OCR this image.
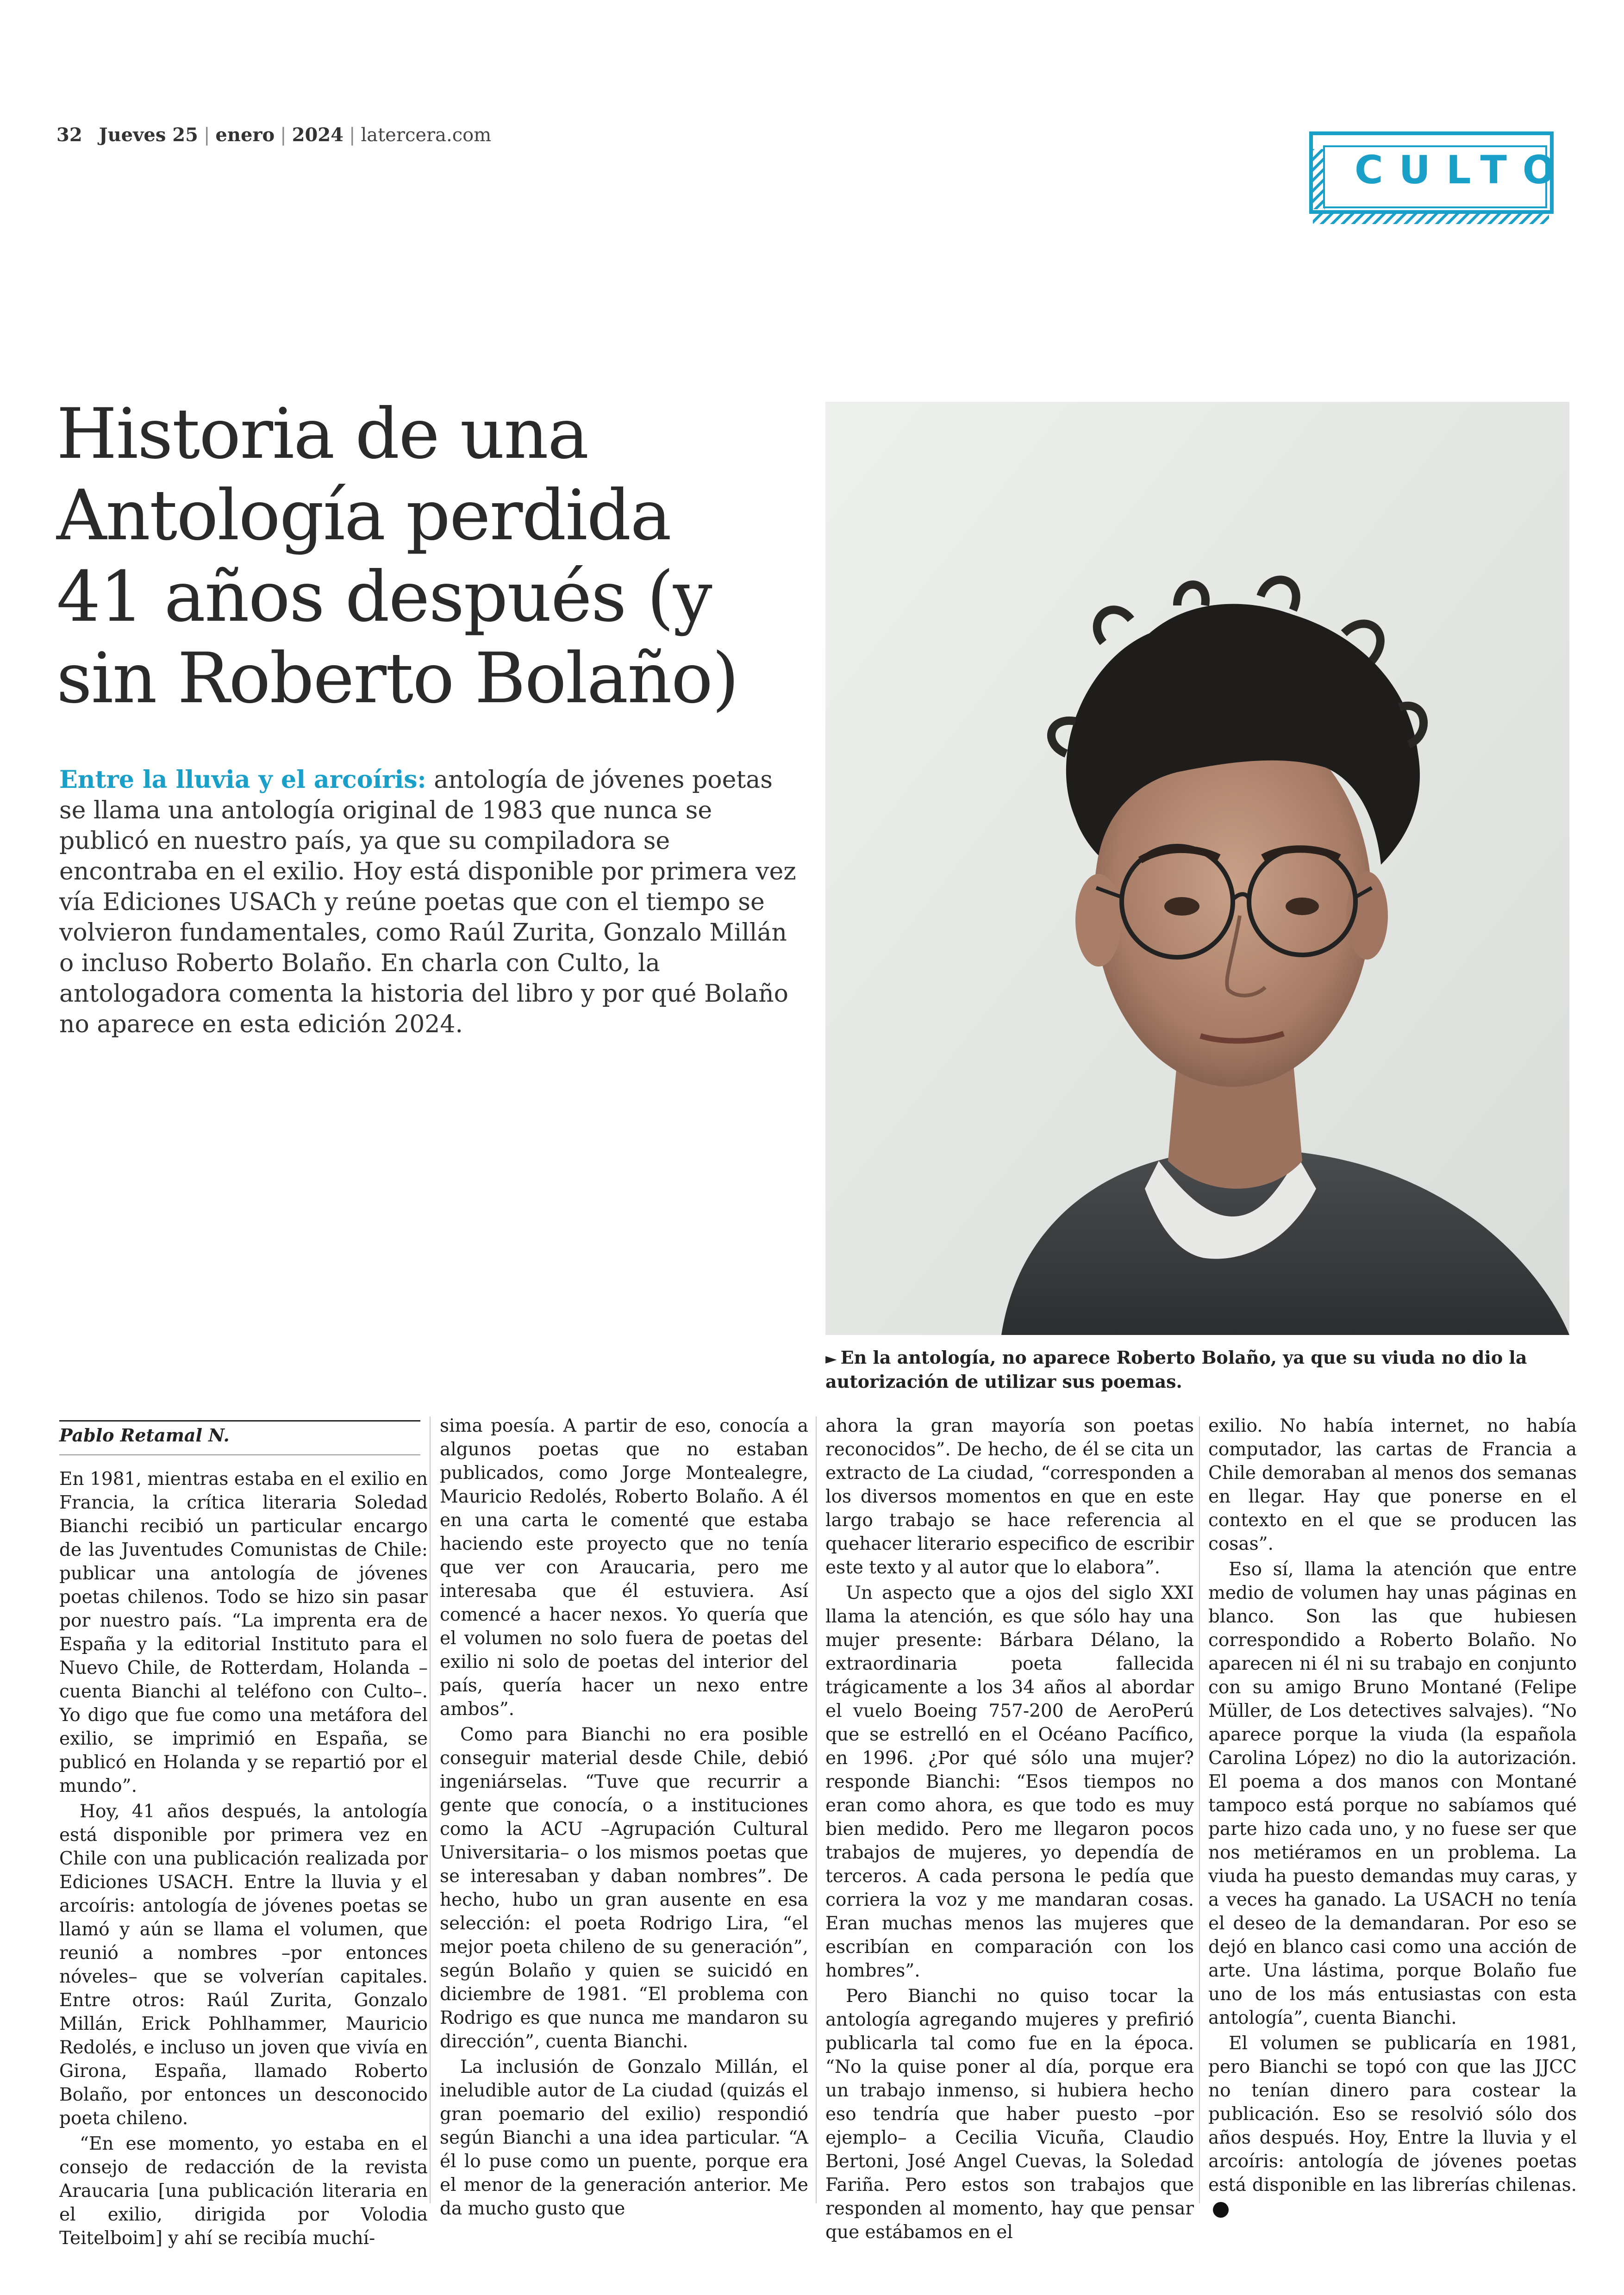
32 Jueves 25 | enero | 2024 | latercera.com
CULTO
Historia de una
Antología perdida
41 años después (y
sin Roberto Bolaño)
Entre la lluvia y el arcoíris: antología de jóvenes poetas se llama una antología original de 1983 que nunca se publicó en nuestro país, ya que su compiladora se encontraba en el exilio. Hoy está disponible por primera vez vía Ediciones USACh y reúne poetas que con el tiempo se volvieron fundamentales, como Raúl Zurita, Gonzalo Millán o incluso Roberto Bolaño. En charla con Culto, la antologadora comenta la historia del libro y por qué Bolaño no aparece en esta edición 2024.
► En la antología, no aparece Roberto Bolaño, ya que su viuda no dio la autorización de utilizar sus poemas.
Pablo Retamal N.

En 1981, mientras estaba en el exilio en Francia, la crítica literaria Soledad Bianchi recibió un particular encargo de las Juventudes Comunistas de Chile: publicar una antología de jóvenes poetas chilenos. Todo se hizo sin pasar por nuestro país. “La imprenta era de España y la editorial Instituto para el Nuevo Chile, de Rotterdam, Holanda –cuenta Bianchi al teléfono con Culto–. Yo digo que fue como una metáfora del exilio, se imprimió en España, se publicó en Holanda y se repartió por el mundo”.

Hoy, 41 años después, la antología está disponible por primera vez en Chile con una publicación realizada por Ediciones USACH. Entre la lluvia y el arcoíris: antología de jóvenes poetas se llamó y aún se llama el volumen, que reunió a nombres –por entonces nóveles– que se volverían capitales. Entre otros: Raúl Zurita, Gonzalo Millán, Erick Pohlhammer, Mauricio Redolés, e incluso un joven que vivía en Girona, España, llamado Roberto Bolaño, por entonces un desconocido poeta chileno.

“En ese momento, yo estaba en el consejo de redacción de la revista Araucaria [una publicación literaria en el exilio, dirigida por Volodia Teitelboim] y ahí se recibía muchí-

sima poesía. A partir de eso, conocía a algunos poetas que no estaban publicados, como Jorge Montealegre, Mauricio Redolés, Roberto Bolaño. A él en una carta le comenté que estaba haciendo este proyecto que no tenía que ver con Araucaria, pero me interesaba que él estuviera. Así comencé a hacer nexos. Yo quería que el volumen no solo fuera de poetas del exilio ni solo de poetas del interior del país, quería hacer un nexo entre ambos”.

Como para Bianchi no era posible conseguir material desde Chile, debió ingeniárselas. “Tuve que recurrir a gente que conocía, o a instituciones como la ACU –Agrupación Cultural Universitaria– o los mismos poetas que se interesaban y daban nombres”. De hecho, hubo un gran ausente en esa selección: el poeta Rodrigo Lira, “el mejor poeta chileno de su generación”, según Bolaño y quien se suicidó en diciembre de 1981. “El problema con Rodrigo es que nunca me mandaron su dirección”, cuenta Bianchi.

La inclusión de Gonzalo Millán, el ineludible autor de La ciudad (quizás el gran poemario del exilio) respondió según Bianchi a una idea particular. “A él lo puse como un puente, porque era el menor de la generación anterior. Me da mucho gusto que

ahora la gran mayoría son poetas reconocidos”. De hecho, de él se cita un extracto de La ciudad, “corresponden a los diversos momentos en que en este largo trabajo se hace referencia al quehacer literario especifico de escribir este texto y al autor que lo elabora”.

Un aspecto que a ojos del siglo XXI llama la atención, es que sólo hay una mujer presente: Bárbara Délano, la extraordinaria poeta fallecida trágicamente a los 34 años al abordar el vuelo Boeing 757-200 de AeroPerú que se estrelló en el Océano Pacífico, en 1996. ¿Por qué sólo una mujer? responde Bianchi: “Esos tiempos no eran como ahora, es que todo es muy bien medido. Pero me llegaron pocos trabajos de mujeres, yo dependía de terceros. A cada persona le pedía que corriera la voz y me mandaran cosas. Eran muchas menos las mujeres que escribían en comparación con los hombres”.

Pero Bianchi no quiso tocar la antología agregando mujeres y prefirió publicarla tal como fue en la época. “No la quise poner al día, porque era un trabajo inmenso, si hubiera hecho eso tendría que haber puesto –por ejemplo– a Cecilia Vicuña, Claudio Bertoni, José Angel Cuevas, la Soledad Fariña. Pero estos son trabajos que responden al momento, hay que pensar que estábamos en el

exilio. No había internet, no había computador, las cartas de Francia a Chile demoraban al menos dos semanas en llegar. Hay que ponerse en el contexto en el que se producen las cosas”.

Eso sí, llama la atención que entre medio de volumen hay unas páginas en blanco. Son las que hubiesen correspondido a Roberto Bolaño. No aparecen ni él ni su trabajo en conjunto con su amigo Bruno Montané (Felipe Müller, de Los detectives salvajes). “No aparece porque la viuda (la española Carolina López) no dio la autorización. El poema a dos manos con Montané tampoco está porque no sabíamos qué parte hizo cada uno, y no fuese ser que nos metiéramos en un problema. La viuda ha puesto demandas muy caras, y a veces ha ganado. La USACH no tenía el deseo de la demandaran. Por eso se dejó en blanco casi como una acción de arte. Una lástima, porque Bolaño fue uno de los más entusiastas con esta antología”, cuenta Bianchi.

El volumen se publicaría en 1981, pero Bianchi se topó con que las JJCC no tenían dinero para costear la publicación. Eso se resolvió sólo dos años después. Hoy, Entre la lluvia y el arcoíris: antología de jóvenes poetas está disponible en las librerías chilenas.
